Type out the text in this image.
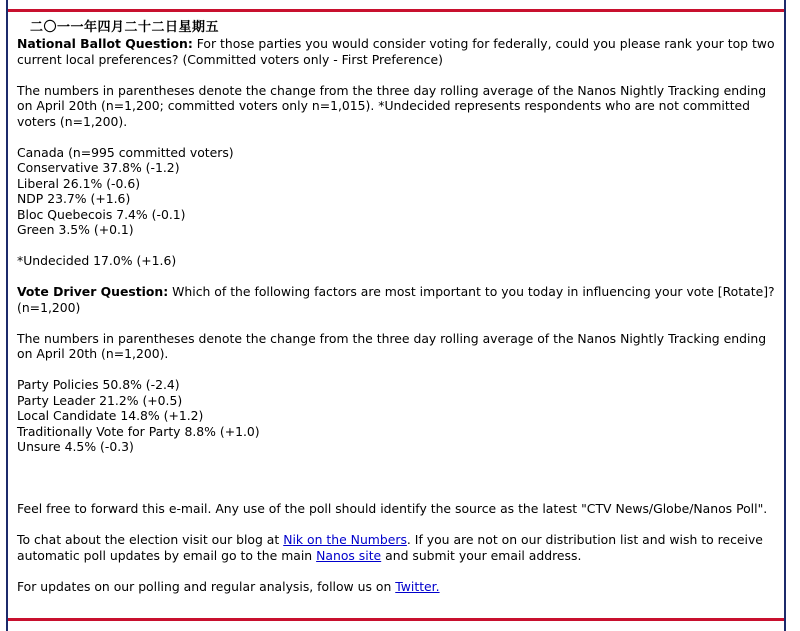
二〇一一年四月二十二日星期五

National Ballot Question: For those parties you would consider voting for federally, could you please rank your top two current local preferences? (Committed voters only - First Preference)

The numbers in parentheses denote the change from the three day rolling average of the Nanos Nightly Tracking ending on April 20th (n=1,200; committed voters only n=1,015). *Undecided represents respondents who are not committed voters (n=1,200).

Canada (n=995 committed voters)

Conservative 37.8% (-1.2)

Liberal 26.1% (-0.6)

NDP 23.7% (+1.6)

Bloc Quebecois 7.4% (-0.1)

Green 3.5% (+0.1)

*Undecided 17.0% (+1.6)

Vote Driver Question: Which of the following factors are most important to you today in influencing your vote [Rotate]? (n=1,200)

The numbers in parentheses denote the change from the three day rolling average of the Nanos Nightly Tracking ending on April 20th (n=1,200).

Party Policies 50.8% (-2.4)

Party Leader 21.2% (+0.5)

Local Candidate 14.8% (+1.2)

Traditionally Vote for Party 8.8% (+1.0)

Unsure 4.5% (-0.3)

Feel free to forward this e-mail. Any use of the poll should identify the source as the latest "CTV News/Globe/Nanos Poll".

To chat about the election visit our blog at Nik on the Numbers. If you are not on our distribution list and wish to receive automatic poll updates by email go to the main Nanos site and submit your email address.

For updates on our polling and regular analysis, follow us on Twitter.
